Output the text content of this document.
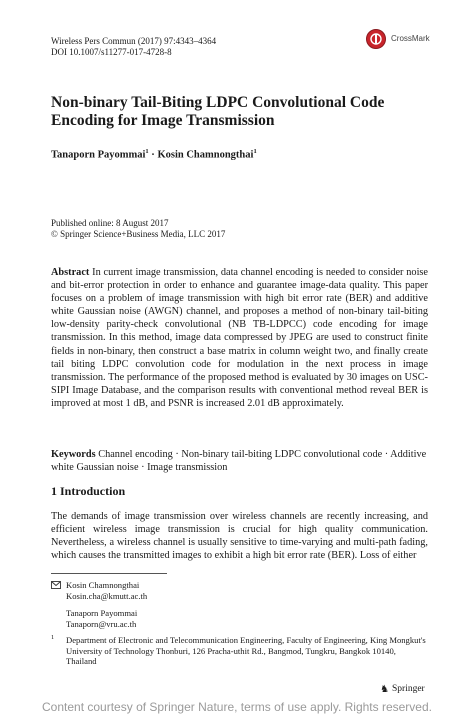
Wireless Pers Commun (2017) 97:4343–4364
DOI 10.1007/s11277-017-4728-8
CrossMark
Non-binary Tail-Biting LDPC Convolutional Code Encoding for Image Transmission
Tanaporn Payommai$^1$ · Kosin Chamnongthai$^1$
Published online: 8 August 2017
© Springer Science+Business Media, LLC 2017
Abstract In current image transmission, data channel encoding is needed to consider noise and bit-error protection in order to enhance and guarantee image-data quality. This paper focuses on a problem of image transmission with high bit error rate (BER) and additive white Gaussian noise (AWGN) channel, and proposes a method of non-binary tail-biting low-density parity-check convolutional (NB TB-LDPCC) code encoding for image transmission. In this method, image data compressed by JPEG are used to construct finite fields in non-binary, then construct a base matrix in column weight two, and finally create tail biting LDPC convolution code for modulation in the next process in image transmission. The performance of the proposed method is evaluated by 30 images on USC-SIPI Image Database, and the comparison results with conventional method reveal BER is improved at most 1 dB, and PSNR is increased 2.01 dB approximately.
Keywords Channel encoding · Non-binary tail-biting LDPC convolutional code · Additive white Gaussian noise · Image transmission
1 Introduction
The demands of image transmission over wireless channels are recently increasing, and efficient wireless image transmission is crucial for high quality communication. Nevertheless, a wireless channel is usually sensitive to time-varying and multi-path fading, which causes the transmitted images to exhibit a high bit error rate (BER). Loss of either
Kosin Chamnongthai
Kosin.cha@kmutt.ac.th
Tanaporn Payommai
Tanaporn@vru.ac.th
1 Department of Electronic and Telecommunication Engineering, Faculty of Engineering, King Mongkut's University of Technology Thonburi, 126 Pracha-uthit Rd., Bangmod, Tungkru, Bangkok 10140, Thailand
♞ Springer
Content courtesy of Springer Nature, terms of use apply. Rights reserved.
